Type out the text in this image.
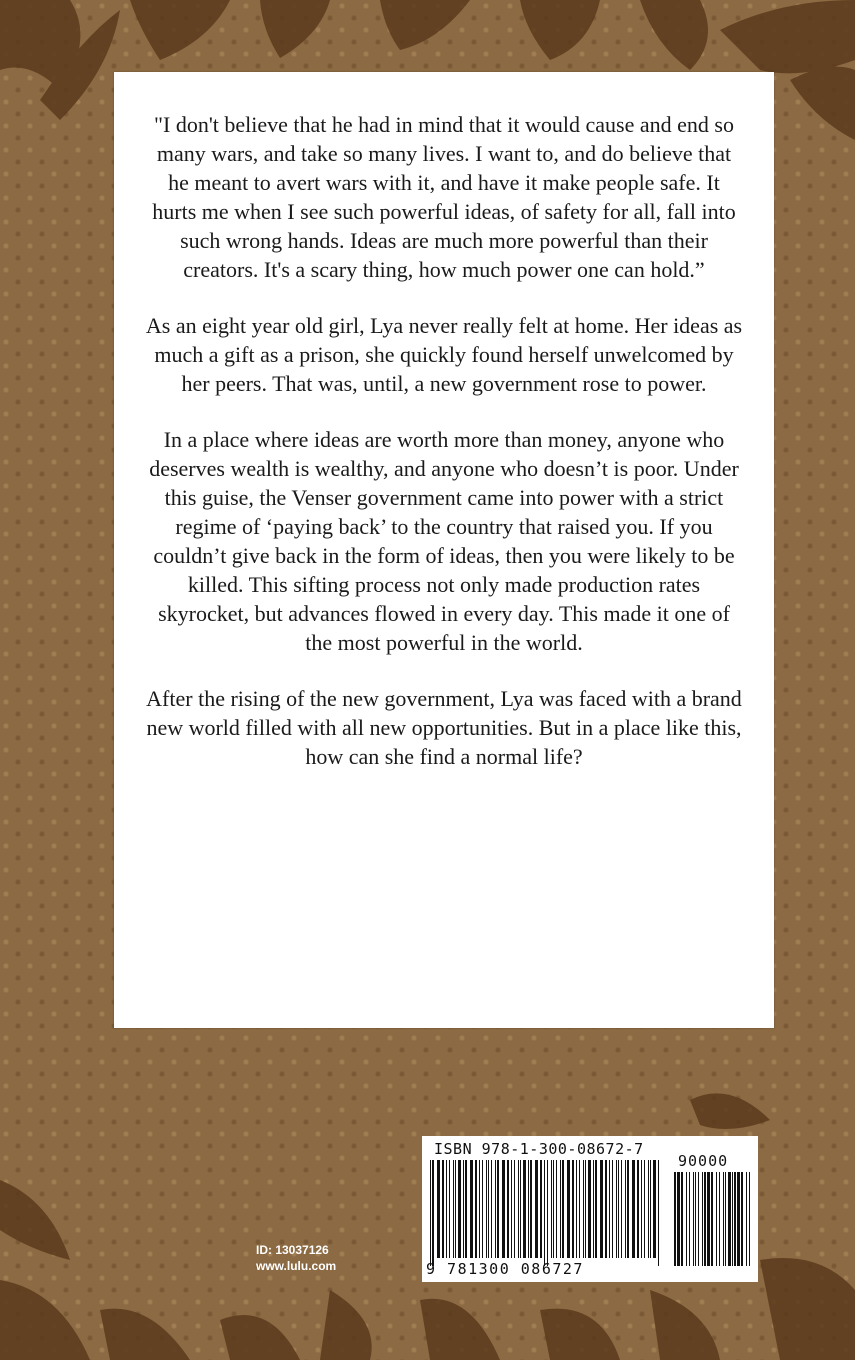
"I don't believe that he had in mind that it would cause and end so many wars, and take so many lives. I want to, and do believe that he meant to avert wars with it, and have it make people safe. It hurts me when I see such powerful ideas, of safety for all, fall into such wrong hands. Ideas are much more powerful than their creators. It's a scary thing, how much power one can hold.”

As an eight year old girl, Lya never really felt at home. Her ideas as much a gift as a prison, she quickly found herself unwelcomed by her peers. That was, until, a new government rose to power.

In a place where ideas are worth more than money, anyone who deserves wealth is wealthy, and anyone who doesn’t is poor. Under this guise, the Venser government came into power with a strict regime of ‘paying back’ to the country that raised you. If you couldn’t give back in the form of ideas, then you were likely to be killed. This sifting process not only made production rates skyrocket, but advances flowed in every day. This made it one of the most powerful in the world.

After the rising of the new government, Lya was faced with a brand new world filled with all new opportunities. But in a place like this, how can she find a normal life?

ISBN 978-1-300-08672-7
90000
9 781300 086727
ID: 13037126
www.lulu.com
